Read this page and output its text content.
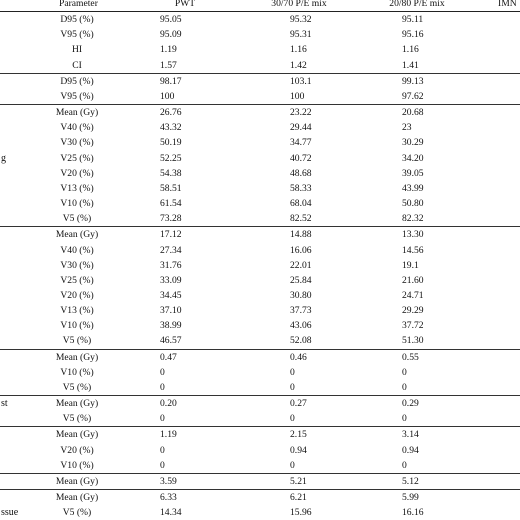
	Parameter	PWT	30/70 P/E mix	20/80 P/E mix	IMN
	D95 (%)	95.05	95.32	95.11	
	V95 (%)	95.09	95.31	95.16	
	HI	1.19	1.16	1.16	
	CI	1.57	1.42	1.41	
	D95 (%)	98.17	103.1	99.13	
	V95 (%)	100	100	97.62	
	Mean (Gy)	26.76	23.22	20.68	
	V40 (%)	43.32	29.44	23	
	V30 (%)	50.19	34.77	30.29	
g	V25 (%)	52.25	40.72	34.20	
	V20 (%)	54.38	48.68	39.05	
	V13 (%)	58.51	58.33	43.99	
	V10 (%)	61.54	68.04	50.80	
	V5 (%)	73.28	82.52	82.32	
	Mean (Gy)	17.12	14.88	13.30	
	V40 (%)	27.34	16.06	14.56	
	V30 (%)	31.76	22.01	19.1	
	V25 (%)	33.09	25.84	21.60	
	V20 (%)	34.45	30.80	24.71	
	V13 (%)	37.10	37.73	29.29	
	V10 (%)	38.99	43.06	37.72	
	V5 (%)	46.57	52.08	51.30	
	Mean (Gy)	0.47	0.46	0.55	
	V10 (%)	0	0	0	
	V5 (%)	0	0	0	
st	Mean (Gy)	0.20	0.27	0.29	
	V5 (%)	0	0	0	
	Mean (Gy)	1.19	2.15	3.14	
	V20 (%)	0	0.94	0.94	
	V10 (%)	0	0	0	
	Mean (Gy)	3.59	5.21	5.12	
	Mean (Gy)	6.33	6.21	5.99	
ssue	V5 (%)	14.34	15.96	16.16	
